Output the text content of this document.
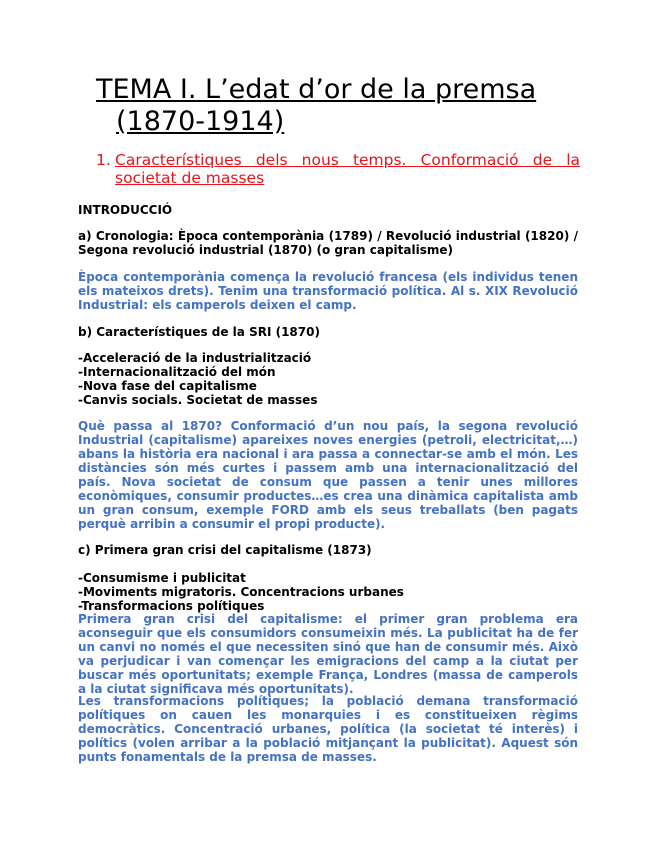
TEMA I. L’edat d’or de la premsa
(1870-1914)
1. Característiques dels nous temps. Conformació de la societat de masses

INTRODUCCIÓ

a) Cronologia: Època contemporània (1789) / Revolució industrial (1820) / Segona revolució industrial (1870) (o gran capitalisme)

Època contemporània comença la revolució francesa (els individus tenen els mateixos drets). Tenim una transformació política. Al s. XIX Revolució Industrial: els camperols deixen el camp.

b) Característiques de la SRI (1870)

-Acceleració de la industrialització
-Internacionalització del món
-Nova fase del capitalisme
-Canvis socials. Societat de masses

Què passa al 1870? Conformació d’un nou país, la segona revolució Industrial (capitalisme) apareixes noves energies (petroli, electricitat,…) abans la història era nacional i ara passa a connectar-se amb el món. Les distàncies són més curtes i passem amb una internacionalització del país. Nova societat de consum que passen a tenir unes millores econòmiques, consumir productes…es crea una dinàmica capitalista amb un gran consum, exemple FORD amb els seus treballats (ben pagats perquè arribin a consumir el propi producte).

c) Primera gran crisi del capitalisme (1873)

-Consumisme i publicitat
-Moviments migratoris. Concentracions urbanes
-Transformacions polítiques

Primera gran crisi del capitalisme: el primer gran problema era aconseguir que els consumidors consumeixin més. La publicitat ha de fer un canvi no només el que necessiten sinó que han de consumir més. Això va perjudicar i van començar les emigracions del camp a la ciutat per buscar més oportunitats; exemple França, Londres (massa de camperols a la ciutat significava més oportunitats).

Les transformacions polítiques; la població demana transformació polítiques on cauen les monarquies i es constitueixen règims democràtics. Concentració urbanes, política (la societat té interès) i polítics (volen arribar a la població mitjançant la publicitat). Aquest són punts fonamentals de la premsa de masses.
